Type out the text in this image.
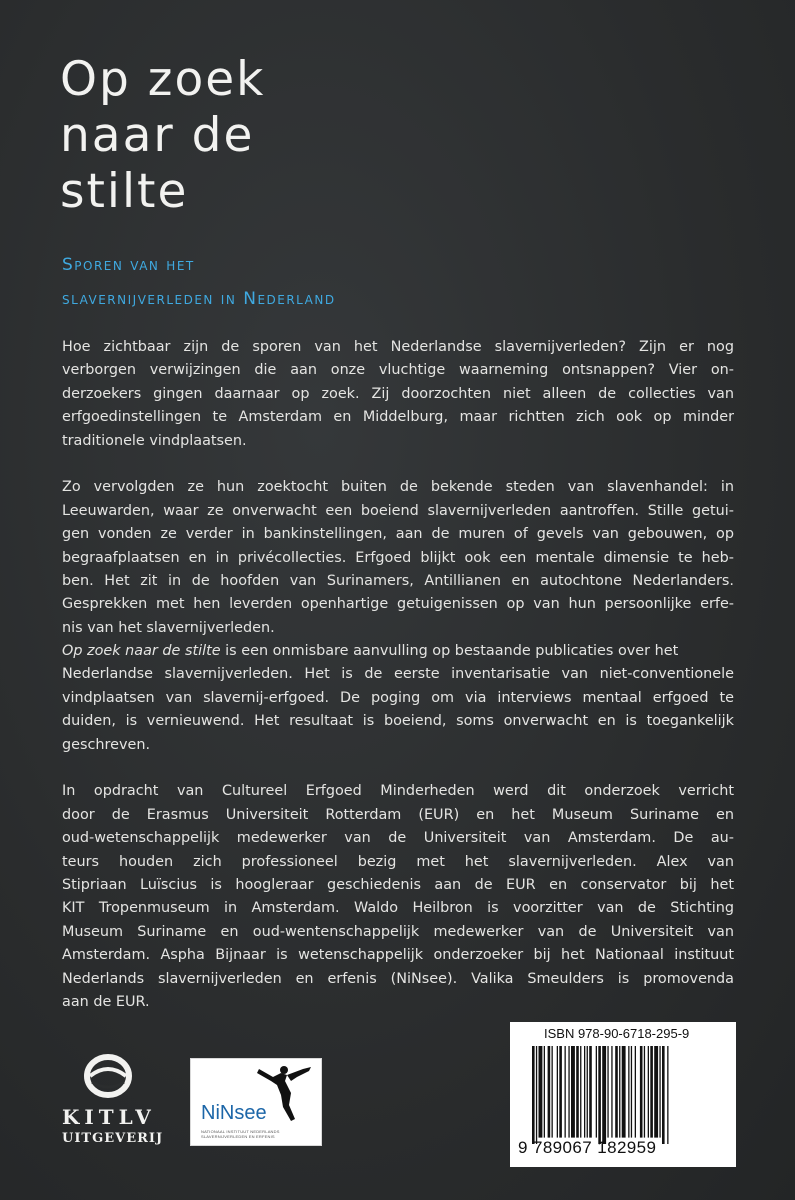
Op zoek
naar de
stilte
Sporen van het
slavernijverleden in Nederland
Hoe zichtbaar zijn de sporen van het Nederlandse slavernijverleden? Zijn er nog
verborgen verwijzingen die aan onze vluchtige waarneming ontsnappen? Vier on-
derzoekers gingen daarnaar op zoek. Zij doorzochten niet alleen de collecties van
erfgoedinstellingen te Amsterdam en Middelburg, maar richtten zich ook op minder
traditionele vindplaatsen.
Zo vervolgden ze hun zoektocht buiten de bekende steden van slavenhandel: in
Leeuwarden, waar ze onverwacht een boeiend slavernijverleden aantroffen. Stille getui-
gen vonden ze verder in bankinstellingen, aan de muren of gevels van gebouwen, op
begraafplaatsen en in privécollecties. Erfgoed blijkt ook een mentale dimensie te heb-
ben. Het zit in de hoofden van Surinamers, Antillianen en autochtone Nederlanders.
Gesprekken met hen leverden openhartige getuigenissen op van hun persoonlijke erfe-
nis van het slavernijverleden.
Op zoek naar de stilte is een onmisbare aanvulling op bestaande publicaties over het
Nederlandse slavernijverleden. Het is de eerste inventarisatie van niet-conventionele
vindplaatsen van slavernij-erfgoed. De poging om via interviews mentaal erfgoed te
duiden, is vernieuwend. Het resultaat is boeiend, soms onverwacht en is toegankelijk
geschreven.
In opdracht van Cultureel Erfgoed Minderheden werd dit onderzoek verricht
door de Erasmus Universiteit Rotterdam (EUR) en het Museum Suriname en
oud-wetenschappelijk medewerker van de Universiteit van Amsterdam. De au-
teurs houden zich professioneel bezig met het slavernijverleden. Alex van
Stipriaan Luïscius is hoogleraar geschiedenis aan de EUR en conservator bij het
KIT Tropenmuseum in Amsterdam. Waldo Heilbron is voorzitter van de Stichting
Museum Suriname en oud-wentenschappelijk medewerker van de Universiteit van
Amsterdam. Aspha Bijnaar is wetenschappelijk onderzoeker bij het Nationaal instituut
Nederlands slavernijverleden en erfenis (NiNsee). Valika Smeulders is promovenda
aan de EUR.
KITLV
UITGEVERIJ
NiNsee
NATIONAAL INSTITUUT NEDERLANDS SLAVERNIJVERLEDEN EN ERFENIS
ISBN 978-90-6718-295-9
9 789067 182959
